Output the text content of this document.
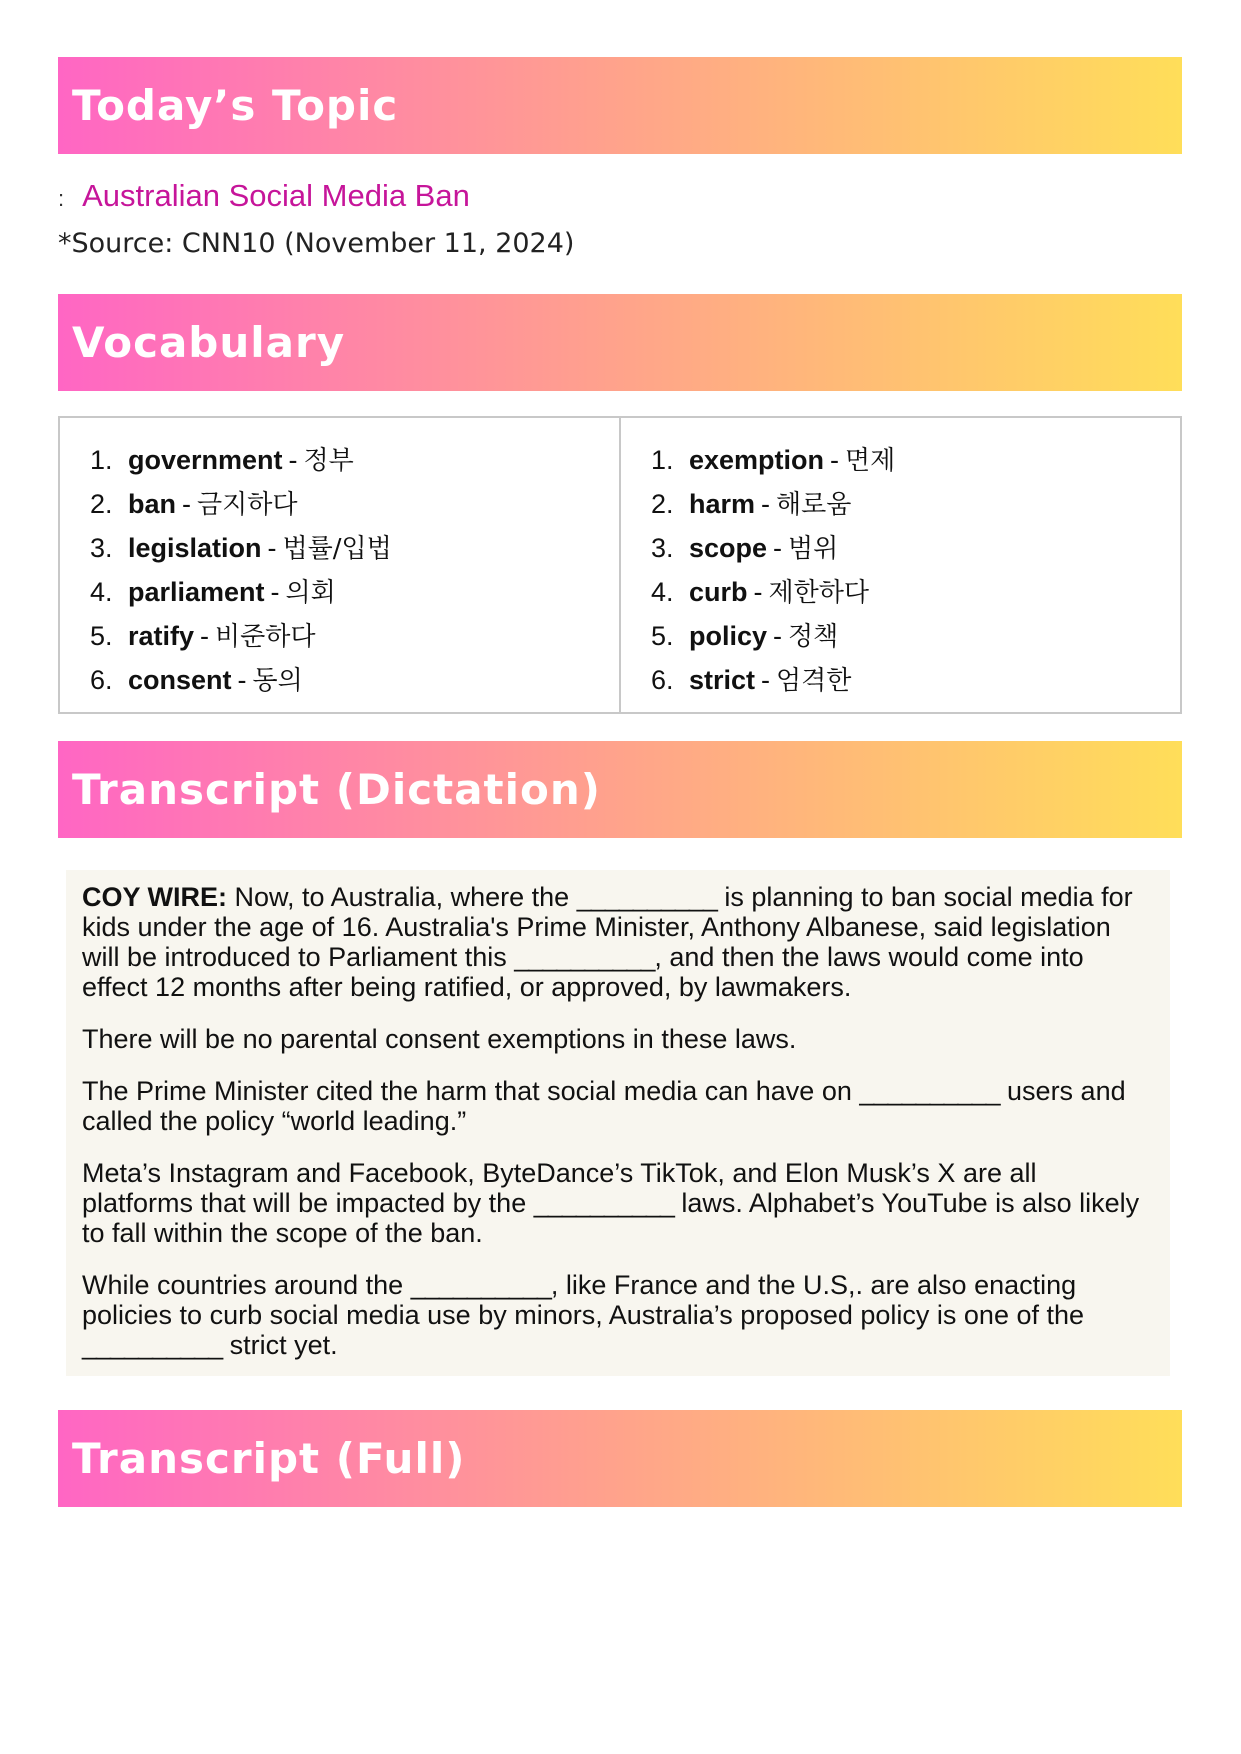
Today’s Topic
: Australian Social Media Ban
*Source: CNN10 (November 11, 2024)
Vocabulary
1. government - 정부
2. ban - 금지하다
3. legislation - 법률/입법
4. parliament - 의회
5. ratify - 비준하다
6. consent - 동의
1. exemption - 면제
2. harm - 해로움
3. scope - 범위
4. curb - 제한하다
5. policy - 정책
6. strict - 엄격한
Transcript (Dictation)

COY WIRE: Now, to Australia, where the __________ is planning to ban social media for kids under the age of 16. Australia's Prime Minister, Anthony Albanese, said legislation will be introduced to Parliament this __________, and then the laws would come into effect 12 months after being ratified, or approved, by lawmakers.

There will be no parental consent exemptions in these laws.

The Prime Minister cited the harm that social media can have on __________ users and called the policy “world leading.”

Meta’s Instagram and Facebook, ByteDance’s TikTok, and Elon Musk’s X are all platforms that will be impacted by the __________ laws. Alphabet’s YouTube is also likely to fall within the scope of the ban.

While countries around the __________, like France and the U.S,. are also enacting policies to curb social media use by minors, Australia’s proposed policy is one of the __________ strict yet.

Transcript (Full)
